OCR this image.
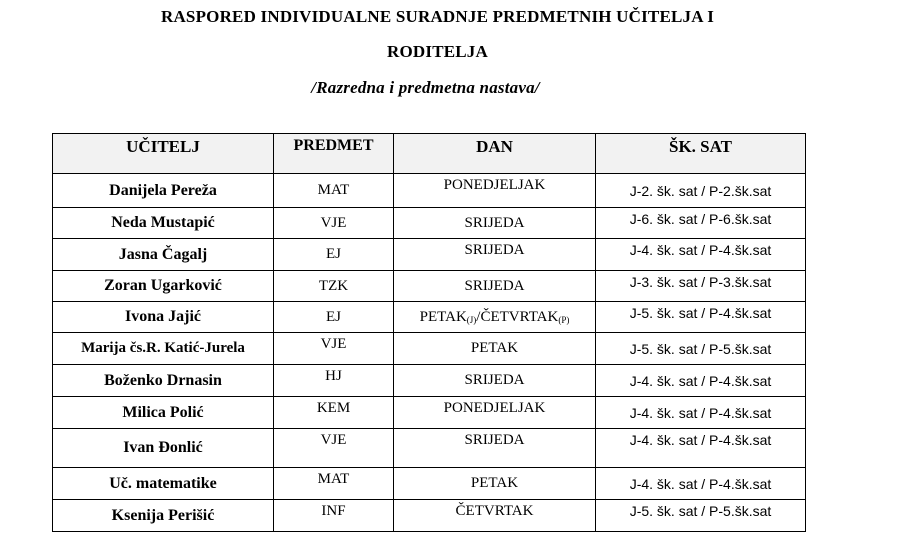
RASPORED INDIVIDUALNE SURADNJE PREDMETNIH UČITELJA I
RODITELJA
/Razredna i predmetna nastava/
UČITELJ	PREDMET	DAN	ŠK. SAT
Danijela Pereža	MAT	PONEDJELJAK	J-2. šk. sat / P-2.šk.sat
Neda Mustapić	VJE	SRIJEDA	J-6. šk. sat / P-6.šk.sat
Jasna Čagalj	EJ	SRIJEDA	J-4. šk. sat / P-4.šk.sat
Zoran Ugarković	TZK	SRIJEDA	J-3. šk. sat / P-3.šk.sat
Ivona Jajić	EJ	$PETAK_{(J)}/ČETVRTAK_{(P)}$	J-5. šk. sat / P-4.šk.sat
Marija čs.R. Katić-Jurela	VJE	PETAK	J-5. šk. sat / P-5.šk.sat
Boženko Drnasin	HJ	SRIJEDA	J-4. šk. sat / P-4.šk.sat
Milica Polić	KEM	PONEDJELJAK	J-4. šk. sat / P-4.šk.sat
Ivan Đonlić	VJE	SRIJEDA	J-4. šk. sat / P-4.šk.sat
Uč. matematike	MAT	PETAK	J-4. šk. sat / P-4.šk.sat
Ksenija Perišić	INF	ČETVRTAK	J-5. šk. sat / P-5.šk.sat
